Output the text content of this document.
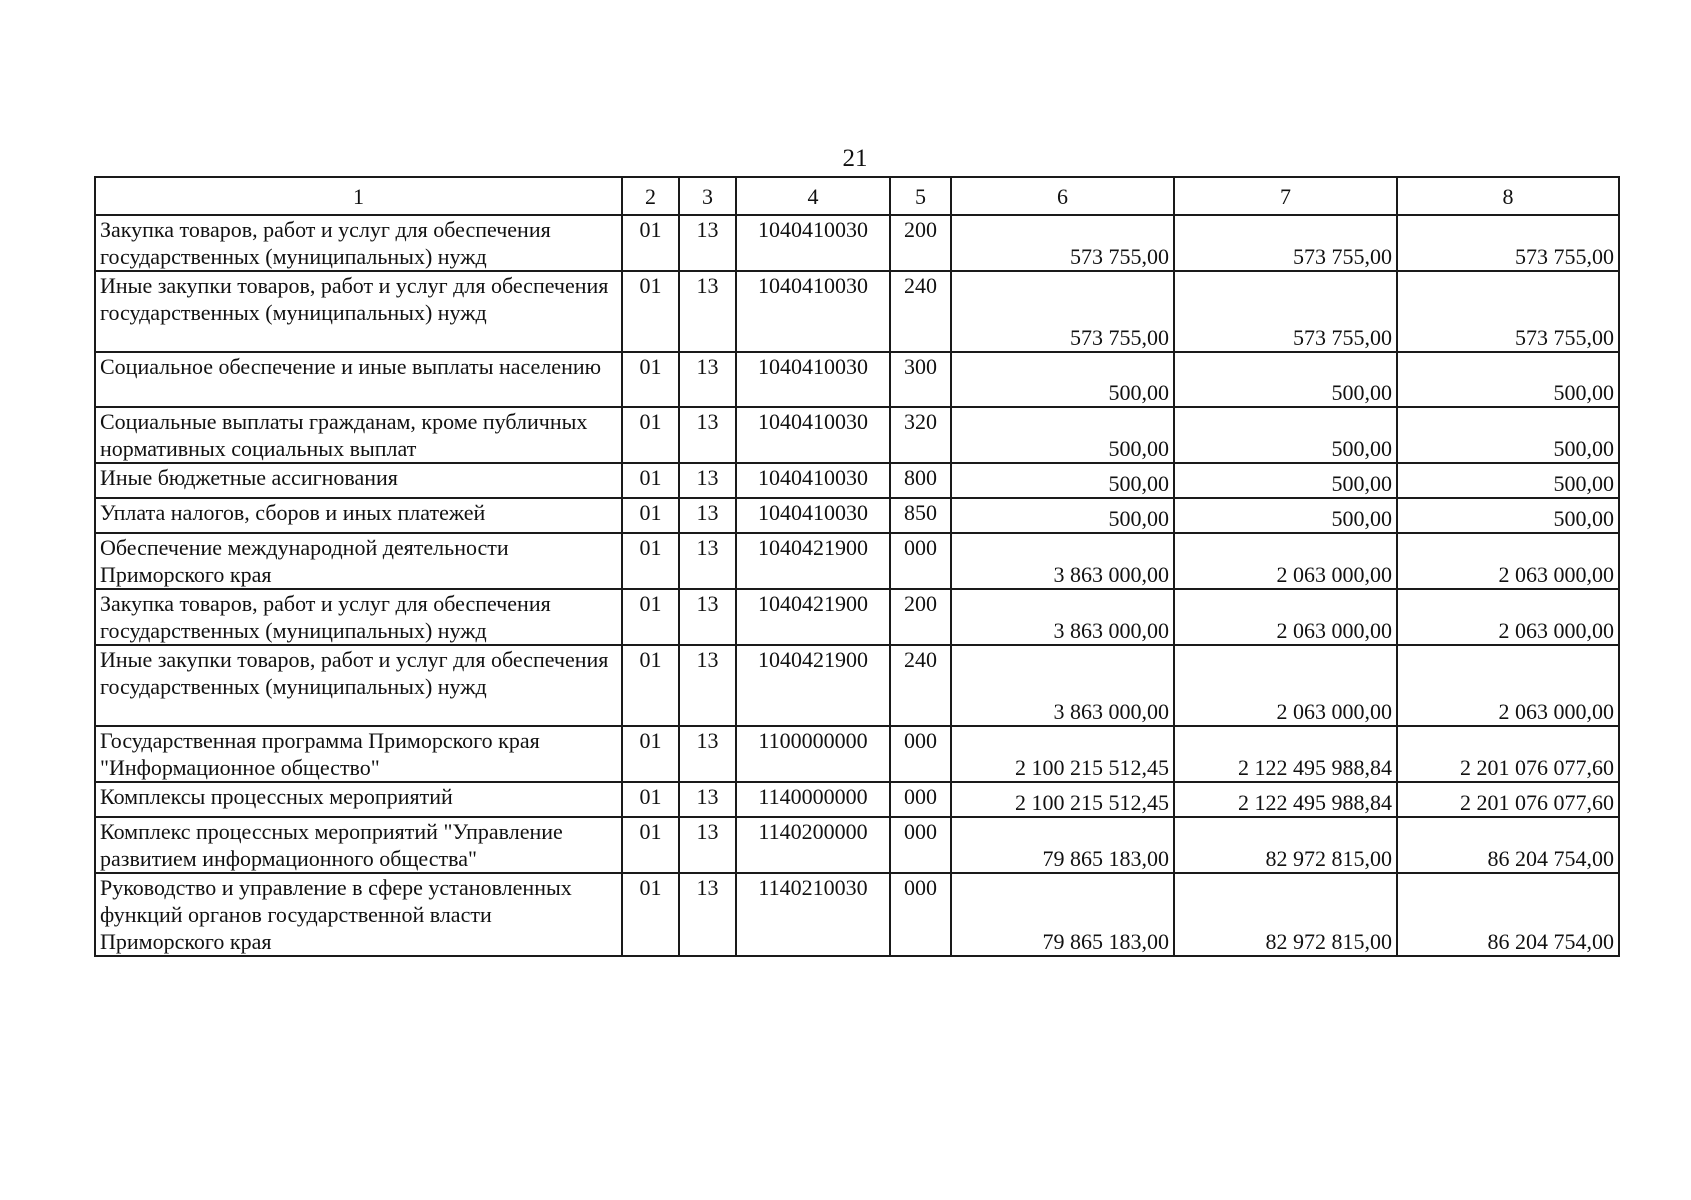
21
1	2	3	4	5	6	7	8
Закупка товаров, работ и услуг для обеспечения государственных (муниципальных) нужд	01	13	1040410030	200	573 755,00	573 755,00	573 755,00
Иные закупки товаров, работ и услуг для обеспечения государственных (муниципальных) нужд	01	13	1040410030	240	573 755,00	573 755,00	573 755,00
Социальное обеспечение и иные выплаты населению	01	13	1040410030	300	500,00	500,00	500,00
Социальные выплаты гражданам, кроме публичных нормативных социальных выплат	01	13	1040410030	320	500,00	500,00	500,00
Иные бюджетные ассигнования	01	13	1040410030	800	500,00	500,00	500,00
Уплата налогов, сборов и иных платежей	01	13	1040410030	850	500,00	500,00	500,00
Обеспечение международной деятельности Приморского края	01	13	1040421900	000	3 863 000,00	2 063 000,00	2 063 000,00
Закупка товаров, работ и услуг для обеспечения государственных (муниципальных) нужд	01	13	1040421900	200	3 863 000,00	2 063 000,00	2 063 000,00
Иные закупки товаров, работ и услуг для обеспечения государственных (муниципальных) нужд	01	13	1040421900	240	3 863 000,00	2 063 000,00	2 063 000,00
Государственная программа Приморского края "Информационное общество"	01	13	1100000000	000	2 100 215 512,45	2 122 495 988,84	2 201 076 077,60
Комплексы процессных мероприятий	01	13	1140000000	000	2 100 215 512,45	2 122 495 988,84	2 201 076 077,60
Комплекс процессных мероприятий "Управление развитием информационного общества"	01	13	1140200000	000	79 865 183,00	82 972 815,00	86 204 754,00
Руководство и управление в сфере установленных функций органов государственной власти Приморского края	01	13	1140210030	000	79 865 183,00	82 972 815,00	86 204 754,00
